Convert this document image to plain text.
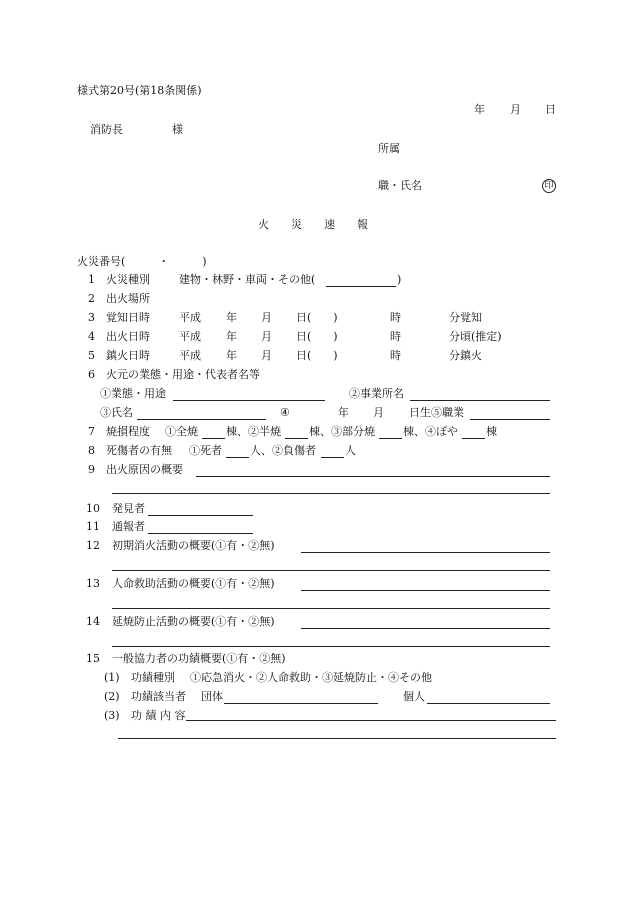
様式第20号(第18条関係)
年 月 日
消防長	様
所属
職・氏名	印
火　　災　　速　　報
火災番号(　　　・　　　)
1 火災種別	建物・林野・車両・その他(	)
2 出火場所
3 覚知日時	平成 年 月 日(　　)	時	分覚知
4 出火日時	平成 年 月 日(　　)	時	分頃(推定)
5 鎮火日時	平成 年 月 日(　　)	時	分鎮火
6 火元の業態・用途・代表者名等
①業態・用途	②事業所名
③氏名	④	年 月 日生⑤職業
7 焼損程度 ①全焼	棟、②半焼	棟、③部分焼	棟、④ぼや	棟
8 死傷者の有無 ①死者	人、②負傷者	人
9 出火原因の概要
10 発見者
11 通報者
12 初期消火活動の概要(①有・②無)
13 人命救助活動の概要(①有・②無)
14 延焼防止活動の概要(①有・②無)
15 一般協力者の功績概要(①有・②無)
(1) 功績種別 ①応急消火・②人命救助・③延焼防止・④その他
(2) 功績該当者 団体	個人
(3) 功 績 内 容
